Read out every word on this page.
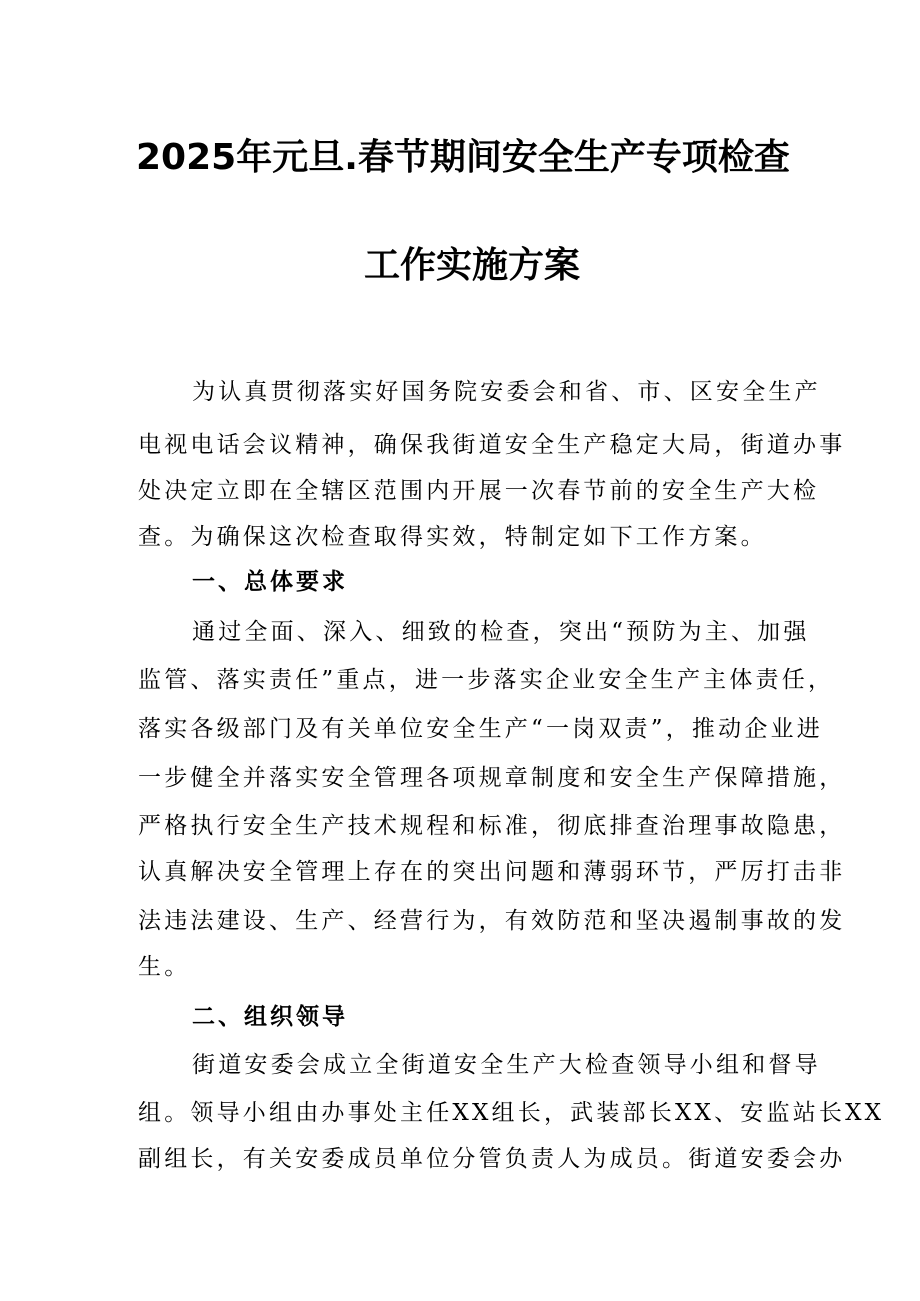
2025年元旦.春节期间安全生产专项检查
工作实施方案
为认真贯彻落实好国务院安委会和省、市、区安全生产
电视电话会议精神，确保我街道安全生产稳定大局，街道办事
处决定立即在全辖区范围内开展一次春节前的安全生产大检
查。为确保这次检查取得实效，特制定如下工作方案。
一、总体要求
通过全面、深入、细致的检查，突出“预防为主、加强
监管、落实责任”重点，进一步落实企业安全生产主体责任，
落实各级部门及有关单位安全生产“一岗双责”，推动企业进
一步健全并落实安全管理各项规章制度和安全生产保障措施，
严格执行安全生产技术规程和标准，彻底排查治理事故隐患，
认真解决安全管理上存在的突出问题和薄弱环节，严厉打击非
法违法建设、生产、经营行为，有效防范和坚决遏制事故的发
生。
二、组织领导
街道安委会成立全街道安全生产大检查领导小组和督导
组。领导小组由办事处主任XX组长，武装部长XX、安监站长XX
副组长，有关安委成员单位分管负责人为成员。街道安委会办
